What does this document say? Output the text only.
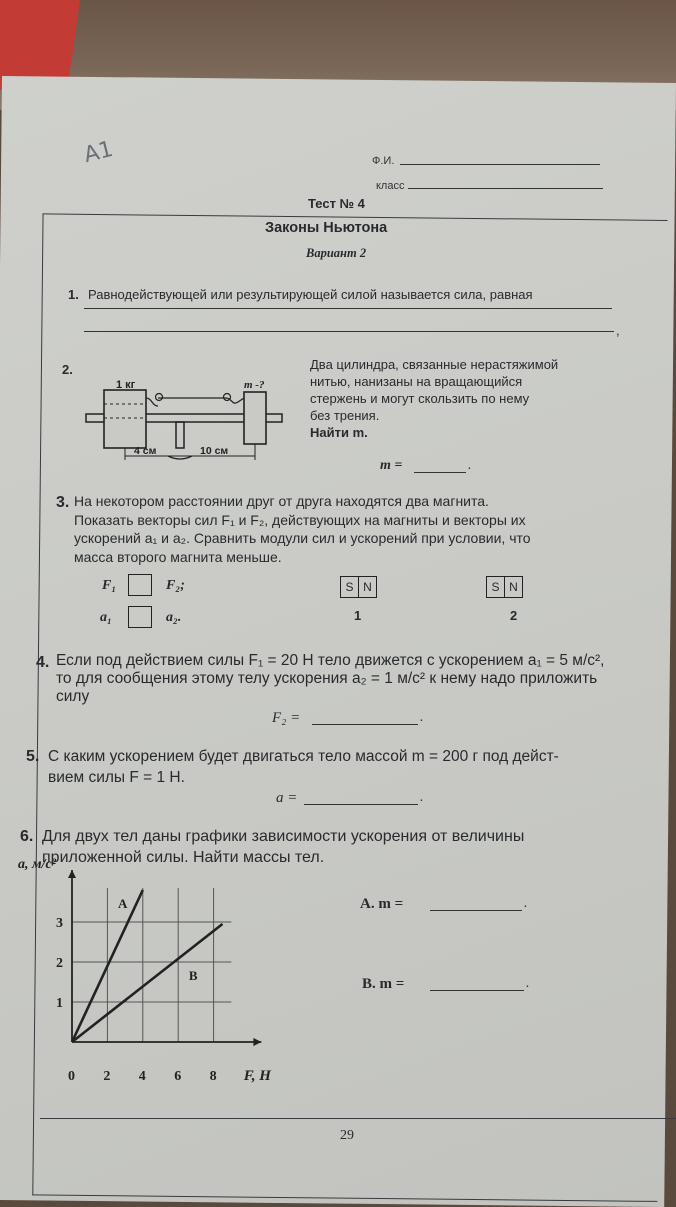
A1	Ф.И.
класс
Тест № 4
Законы Ньютона
Вариант 2
1. Равнодействующей или результирующей силой называется сила, равная
,
2.
1 кг	m -?
4 см	10 см
Два цилиндра, связанные нерастяжимой
нитью, нанизаны на вращающийся
стержень и могут скользить по нему
без трения.
Найти m.
m =	.
3. На некотором расстоянии друг от друга находятся два магнита.
Показать векторы сил F₁ и F₂, действующих на магниты и векторы их
ускорений a₁ и a₂. Сравнить модули сил и ускорений при условии, что
масса второго магнита меньше.
F₁	F₂;
a₁	a₂.
S N
1
S N
2
4. Если под действием силы F₁ = 20 Н тело движется с ускорением a₁ = 5 м/с²,
то для сообщения этому телу ускорения a₂ = 1 м/с² к нему надо приложить
силу
F₂ =	.
5. С каким ускорением будет двигаться тело массой m = 200 г под дейст-
вием силы F = 1 Н.
a =	.
6. Для двух тел даны графики зависимости ускорения от величины
приложенной силы. Найти массы тел.
A
B
0 2 4 6 8
1
2
3
F, Н
a, м/с²
A. m =	.
B. m =	.
29
